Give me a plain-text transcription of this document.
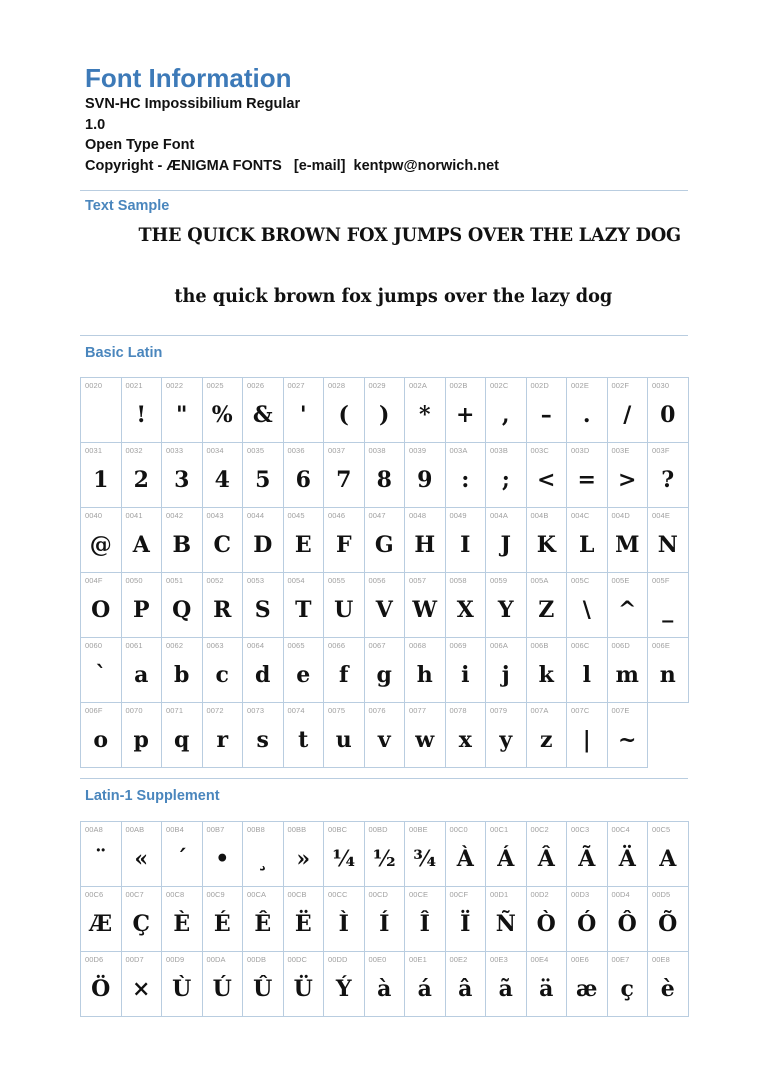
Font Information
SVN-HC Impossibilium Regular
1.0
Open Type Font
Copyright - ÆNIGMA FONTS   [e-mail]  kentpw@norwich.net
Text Sample
THE QUICK BROWN FOX JUMPS OVER THE LAZY DOG
the quick brown fox jumps over the lazy dog
Basic Latin
0020	0021
!
0022
"
0025
%
0026
&
0027
'
0028
(
0029
)
002A
*
002B
+
002C
,
002D
–
002E
.
002F
/
0030
0
0031
1
0032
2
0033
3
0034
4
0035
5
0036
6
0037
7
0038
8
0039
9
003A
:
003B
;
003C
<
003D
=
003E
>
003F
?
0040
@
0041
A
0042
B
0043
C
0044
D
0045
E
0046
F
0047
G
0048
H
0049
I
004A
J
004B
K
004C
L
004D
M
004E
N
004F
O
0050
P
0051
Q
0052
R
0053
S
0054
T
0055
U
0056
V
0057
W
0058
X
0059
Y
005A
Z
005C
\
005E
^
005F
_
0060
`
0061
a
0062
b
0063
c
0064
d
0065
e
0066
f
0067
g
0068
h
0069
i
006A
j
006B
k
006C
l
006D
m
006E
n
006F
o
0070
p
0071
q
0072
r
0073
s
0074
t
0075
u
0076
v
0077
w
0078
x
0079
y
007A
z
007C
|
007E
~
Latin-1 Supplement
00A8
¨
00AB
«
00B4
´
00B7
•
00B8
¸
00BB
»
00BC
¼
00BD
½
00BE
¾
00C0
À
00C1
Á
00C2
Â
00C3
Ã
00C4
Ä
00C5
A
00C6
Æ
00C7
Ç
00C8
È
00C9
É
00CA
Ê
00CB
Ë
00CC
Ì
00CD
Í
00CE
Î
00CF
Ï
00D1
Ñ
00D2
Ò
00D3
Ó
00D4
Ô
00D5
Õ
00D6
Ö
00D7
×
00D9
Ù
00DA
Ú
00DB
Û
00DC
Ü
00DD
Ý
00E0
à
00E1
á
00E2
â
00E3
ã
00E4
ä
00E6
æ
00E7
ç
00E8
è
